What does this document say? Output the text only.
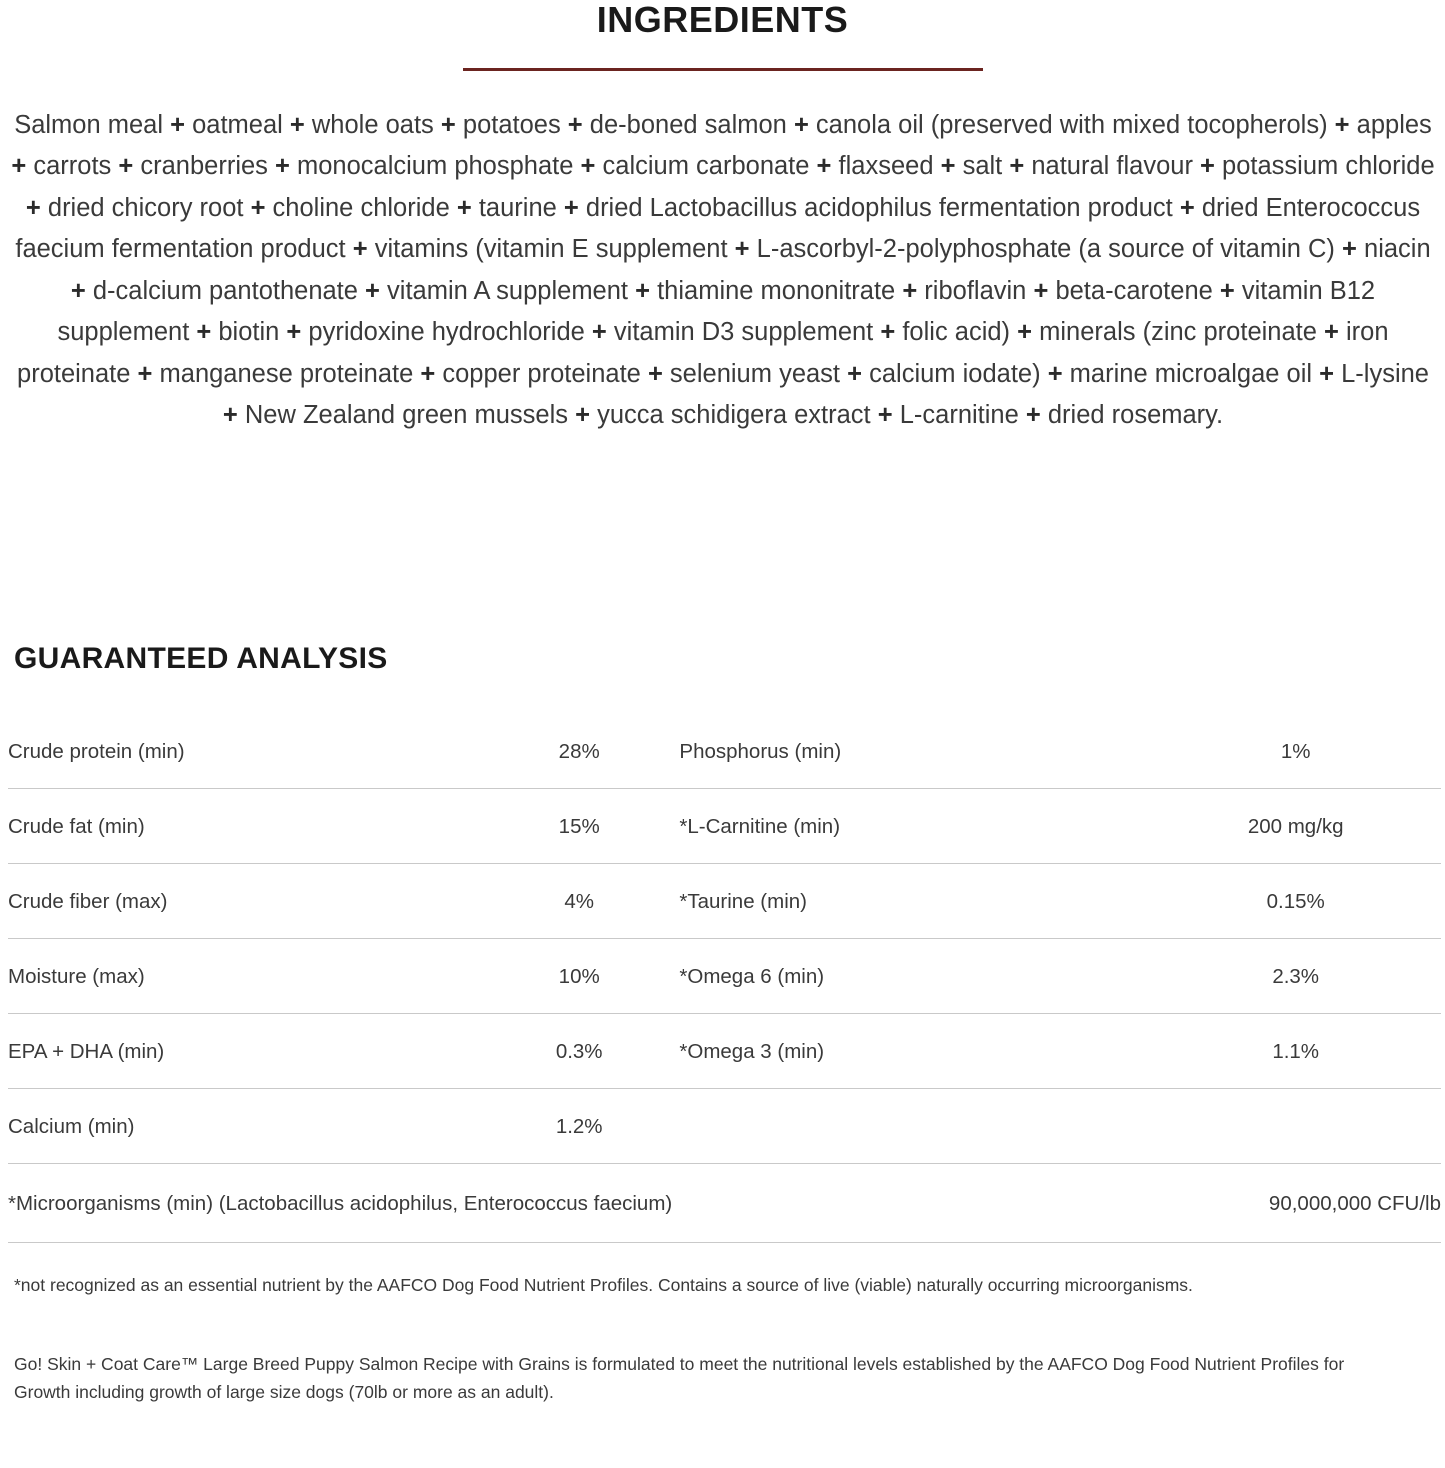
INGREDIENTS

Salmon meal + oatmeal + whole oats + potatoes + de-boned salmon + canola oil (preserved with mixed tocopherols) + apples + carrots + cranberries + monocalcium phosphate + calcium carbonate + flaxseed + salt + natural flavour + potassium chloride + dried chicory root + choline chloride + taurine + dried Lactobacillus acidophilus fermentation product + dried Enterococcus faecium fermentation product + vitamins (vitamin E supplement + L-ascorbyl-2-polyphosphate (a source of vitamin C) + niacin + d-calcium pantothenate + vitamin A supplement + thiamine mononitrate + riboflavin + beta-carotene + vitamin B12 supplement + biotin + pyridoxine hydrochloride + vitamin D3 supplement + folic acid) + minerals (zinc proteinate + iron proteinate + manganese proteinate + copper proteinate + selenium yeast + calcium iodate) + marine microalgae oil + L-lysine + New Zealand green mussels + yucca schidigera extract + L-carnitine + dried rosemary.

GUARANTEED ANALYSIS
Crude protein (min)	28%	Phosphorus (min)	1%
Crude fat (min)	15%	*L-Carnitine (min)	200 mg/kg
Crude fiber (max)	4%	*Taurine (min)	0.15%
Moisture (max)	10%	*Omega 6 (min)	2.3%
EPA + DHA (min)	0.3%	*Omega 3 (min)	1.1%
Calcium (min)	1.2%		
*Microorganisms (min) (Lactobacillus acidophilus, Enterococcus faecium)		90,000,000 CFU/lb	
*not recognized as an essential nutrient by the AAFCO Dog Food Nutrient Profiles. Contains a source of live (viable) naturally occurring microorganisms.
Go! Skin + Coat Care™ Large Breed Puppy Salmon Recipe with Grains is formulated to meet the nutritional levels established by the AAFCO Dog Food Nutrient Profiles for Growth including growth of large size dogs (70lb or more as an adult).
